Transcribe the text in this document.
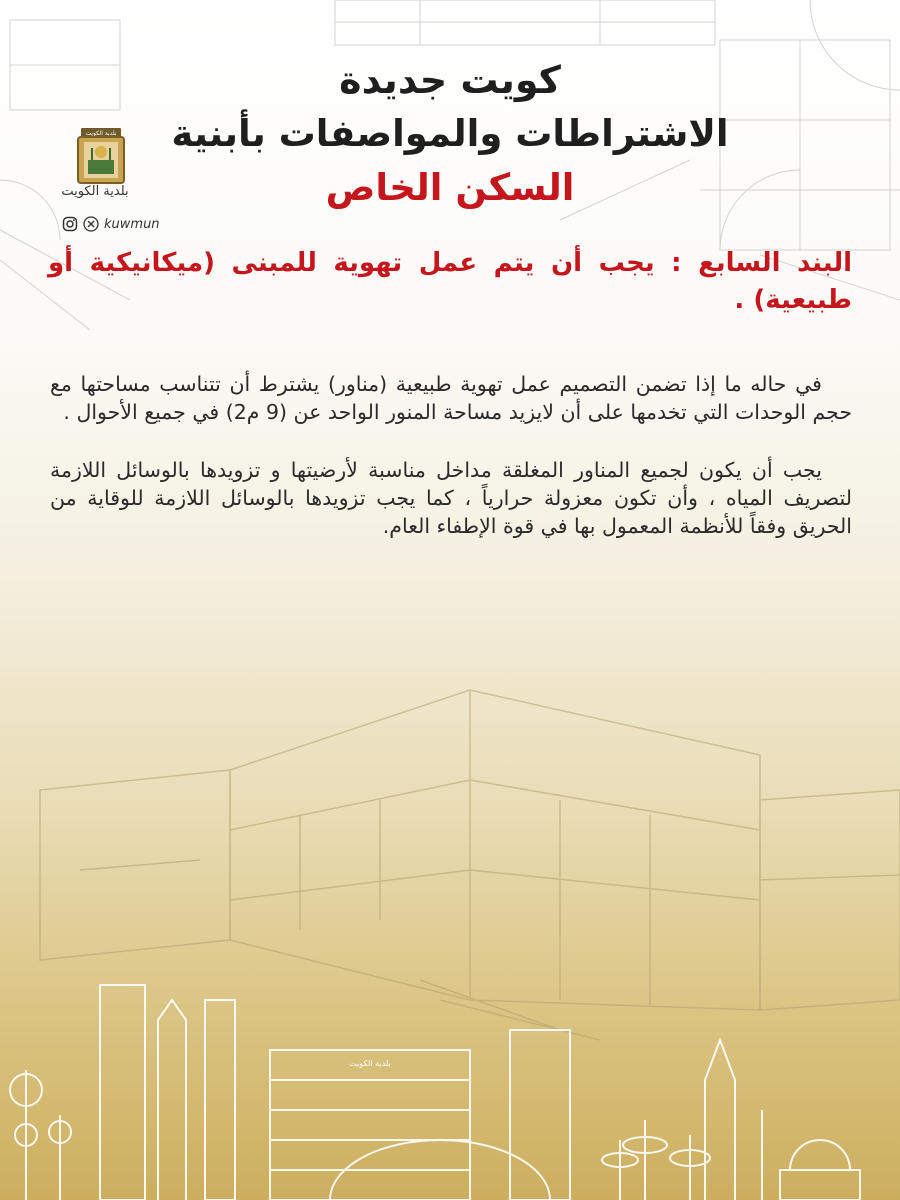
كويت جديدة
الاشتراطات والمواصفات بأبنية
السكن الخاص
بلدية الكويت
بلدية الكويت
kuwmun
البند السابع : يجب أن يتم عمل تهوية للمبنى (ميكانيكية أو طبيعية) .

في حاله ما إذا تضمن التصميم عمل تهوية طبيعية (مناور) يشترط أن تتناسب مساحتها مع حجم الوحدات التي تخدمها على أن لايزيد مساحة المنور الواحد عن (9 م2) في جميع الأحوال .

يجب أن يكون لجميع المناور المغلقة مداخل مناسبة لأرضيتها و تزويدها بالوسائل اللازمة لتصريف المياه ، وأن تكون معزولة حرارياً ، كما يجب تزويدها بالوسائل اللازمة للوقاية من الحريق وفقاً للأنظمة المعمول بها في قوة الإطفاء العام.

بلدية الكويت
